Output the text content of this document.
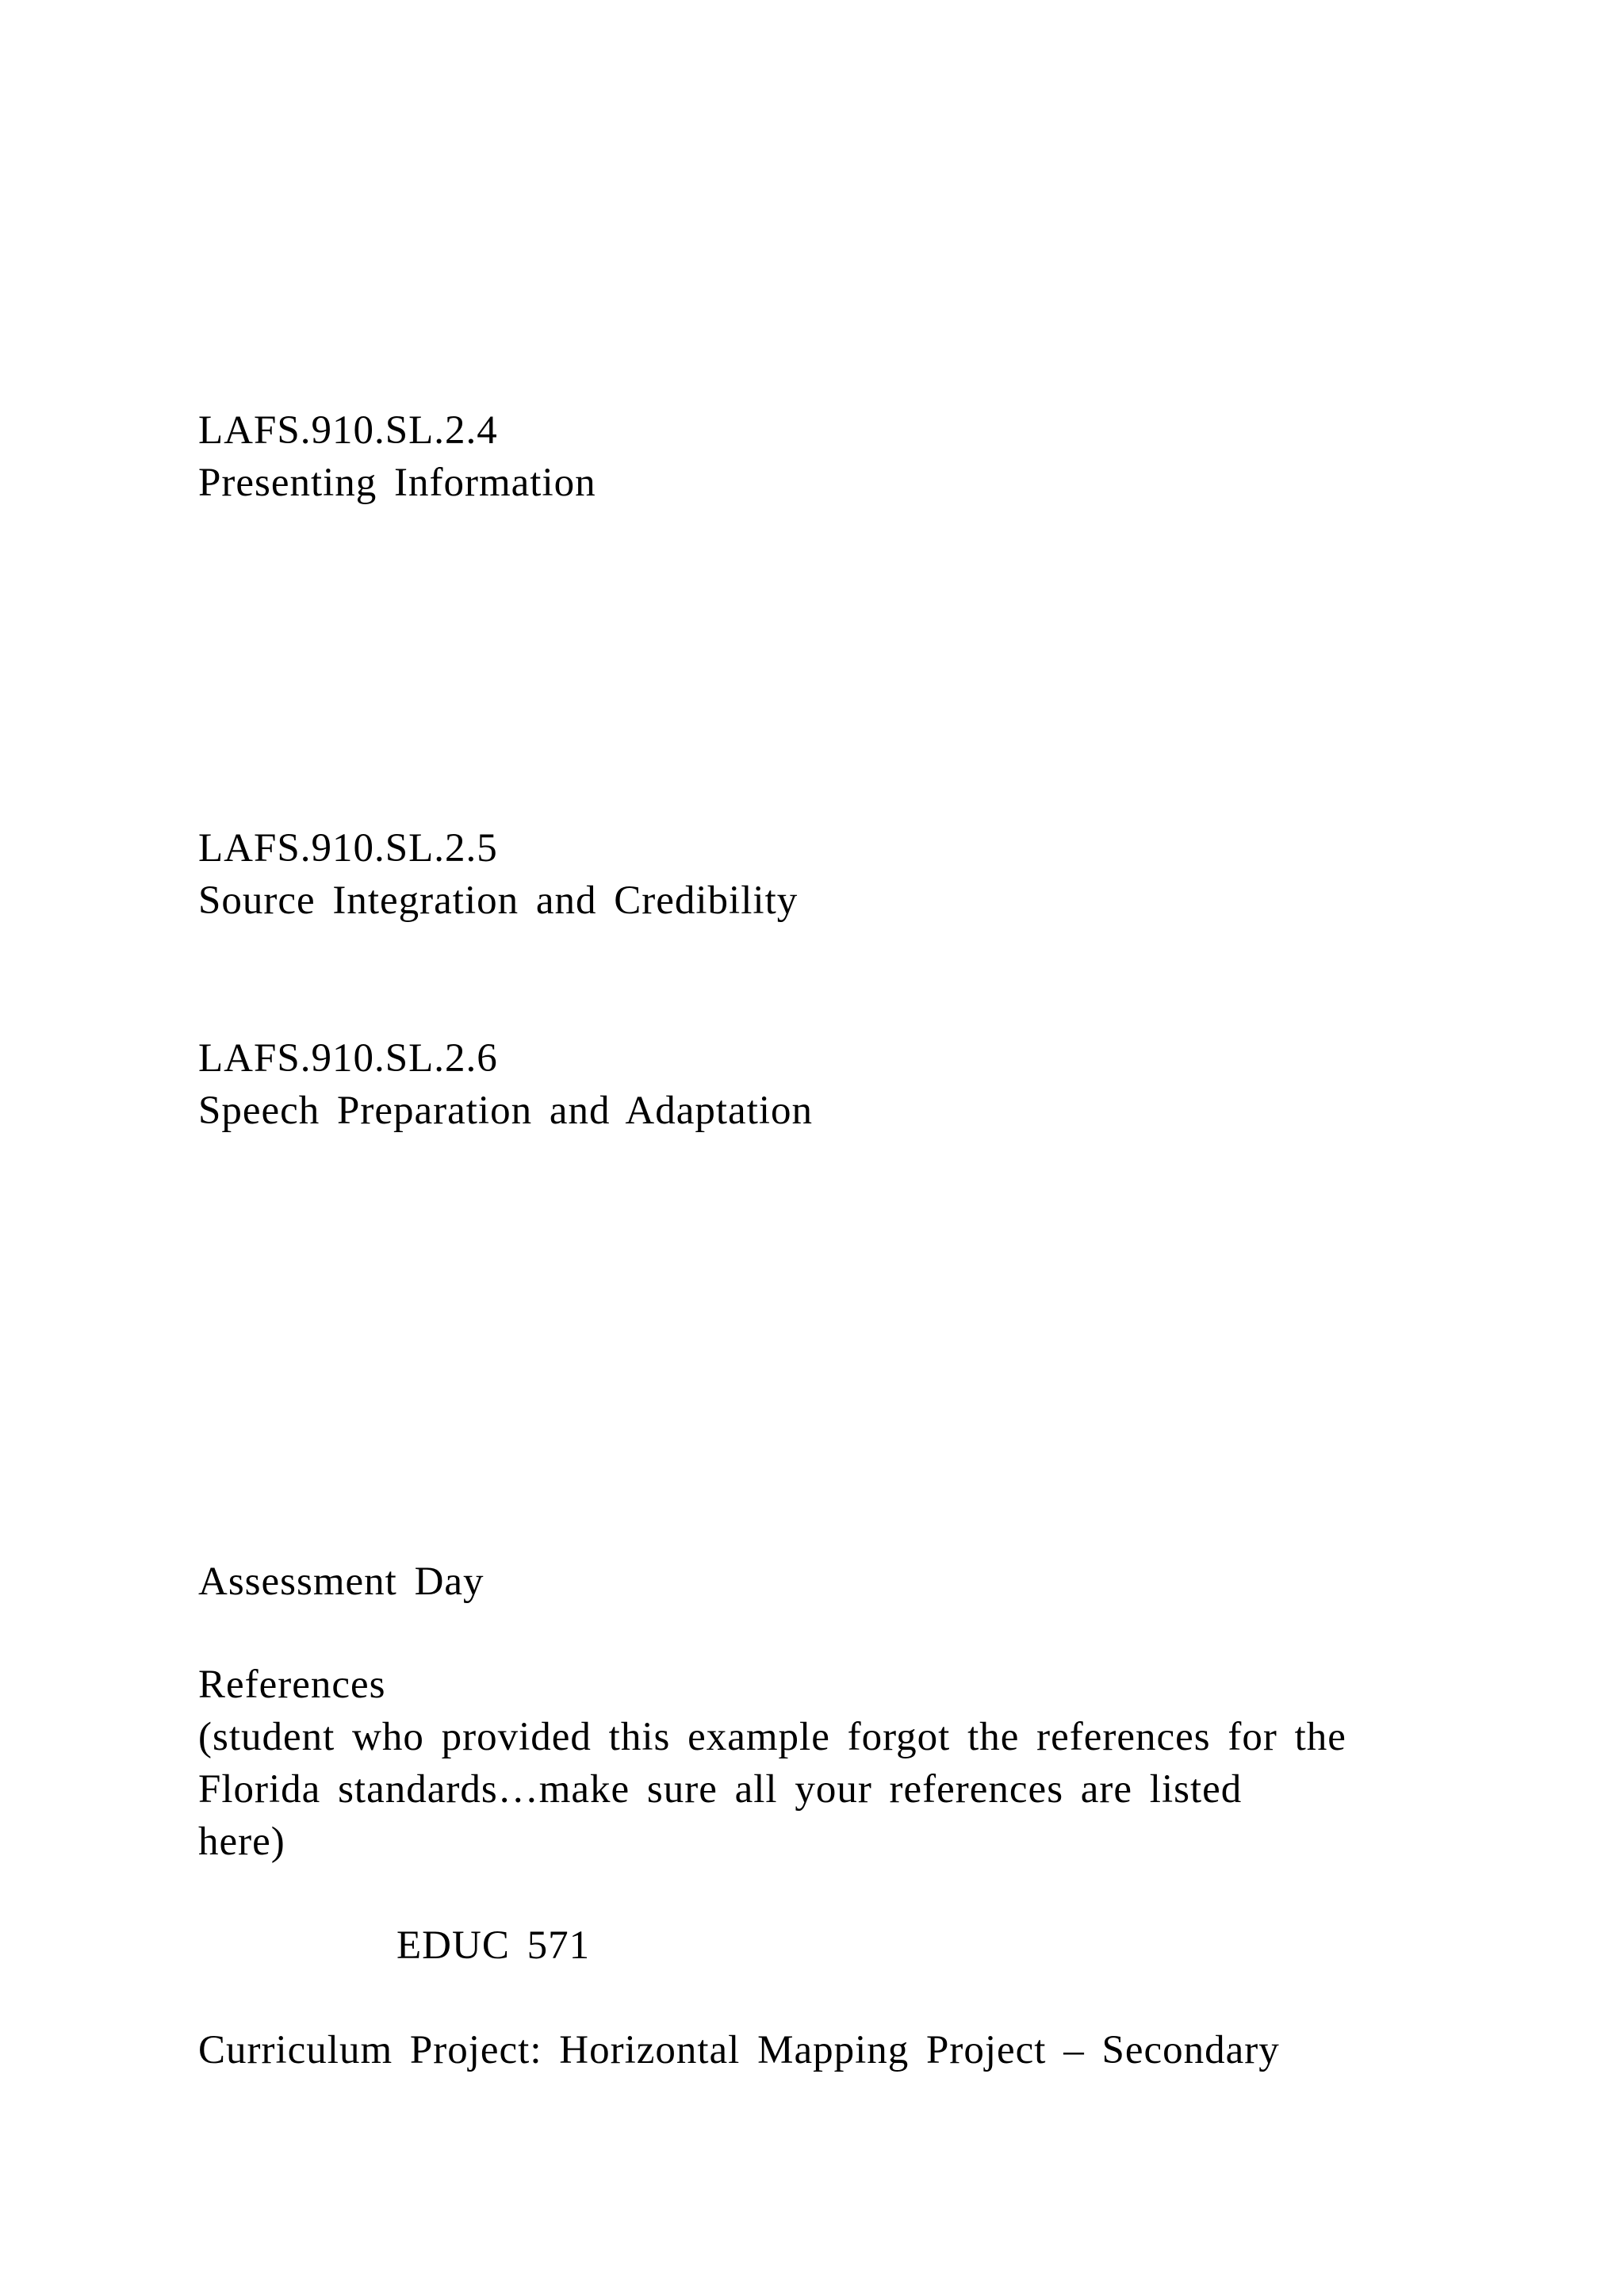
LAFS.910.SL.2.4
Presenting Information
LAFS.910.SL.2.5
Source Integration and Credibility
LAFS.910.SL.2.6
Speech Preparation and Adaptation
Assessment Day
References
(student who provided this example forgot the references for the
Florida standards…make sure all your references are listed
here)
EDUC 571
Curriculum Project: Horizontal Mapping Project – Secondary
